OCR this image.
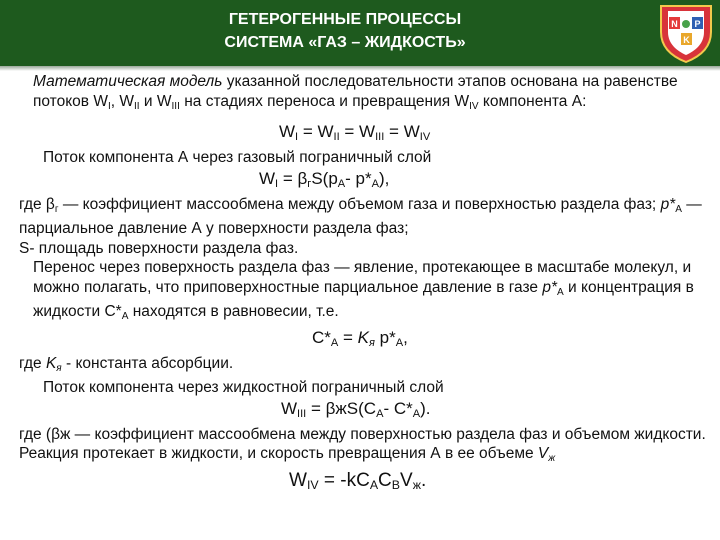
ГЕТЕРОГЕННЫЕ ПРОЦЕССЫ
СИСТЕМА «ГАЗ – ЖИДКОСТЬ»
N P
K

Математическая модель указанной последовательности этапов основана на равенстве потоков $W_I$, $W_{II}$ и $W_{III}$ на стадиях переноса и превращения $W_{IV}$ компонента А:

$W_I = W_{II} = W_{III} = W_{IV}$

Поток компонента А через газовый пограничный слой

$W_I = \beta_гS(p_A-$ $p*_A$),

где $\beta_г$ — коэффициент массообмена между объемом газа и поверхностью раздела фаз; $p*_A$ — парциальное давление А у поверхности раздела фаз;

S- площадь поверхности раздела фаз.

Перенос через поверхность раздела фаз — явление, протекающее в масштабе молекул, и можно полагать, что приповерхностные парциальное давление в газе $p*_A$ и концентрация в жидкости $C*_A$ находятся в равновесии, т.е.

$C*_A = K_я$ $p*_A$,

где $K_я$ - константа абсорбции.

Поток компонента через жидкостной пограничный слой

$W_{III} = \beta жS(C_A-$ $C*_A$).

где (βж — коэффициент массообмена между поверхностью раздела фаз и объемом жидкости.

Реакция протекает в жидкости, и скорость превращения А в ее объеме $V_ж$

$W_{IV} = -kC_AC_BV_ж$.
